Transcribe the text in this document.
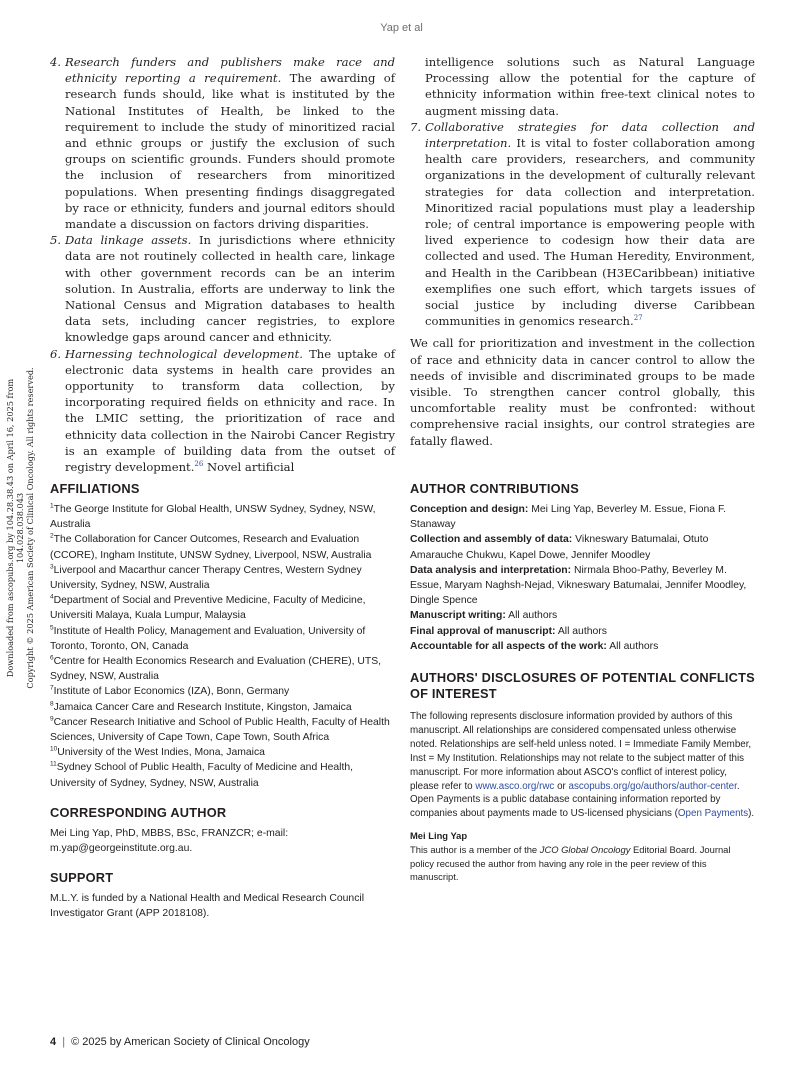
Yap et al
Downloaded from ascopubs.org by 104.28.38.43 on April 16, 2025 from 104.028.038.043 Copyright © 2025 American Society of Clinical Oncology. All rights reserved.
4. Research funders and publishers make race and ethnicity reporting a requirement. The awarding of research funds should, like what is instituted by the National Institutes of Health, be linked to the requirement to include the study of minoritized racial and ethnic groups or justify the exclusion of such groups on scientific grounds. Funders should promote the inclusion of researchers from minoritized populations. When presenting findings disaggregated by race or ethnicity, funders and journal editors should mandate a discussion on factors driving disparities.
5. Data linkage assets. In jurisdictions where ethnicity data are not routinely collected in health care, linkage with other government records can be an interim solution. In Australia, efforts are underway to link the National Census and Migration databases to health data sets, including cancer registries, to explore knowledge gaps around cancer and ethnicity.
6. Harnessing technological development. The uptake of electronic data systems in health care provides an opportunity to transform data collection, by incorporating required fields on ethnicity and race. In the LMIC setting, the prioritization of race and ethnicity data collection in the Nairobi Cancer Registry is an example of building data from the outset of registry development.$^{26}$ Novel artificial
AFFILIATIONS

$^1$The George Institute for Global Health, UNSW Sydney, Sydney, NSW, Australia

$^2$The Collaboration for Cancer Outcomes, Research and Evaluation (CCORE), Ingham Institute, UNSW Sydney, Liverpool, NSW, Australia

$^3$Liverpool and Macarthur cancer Therapy Centres, Western Sydney University, Sydney, NSW, Australia

$^4$Department of Social and Preventive Medicine, Faculty of Medicine, Universiti Malaya, Kuala Lumpur, Malaysia

$^5$Institute of Health Policy, Management and Evaluation, University of Toronto, Toronto, ON, Canada

$^6$Centre for Health Economics Research and Evaluation (CHERE), UTS, Sydney, NSW, Australia

$^7$Institute of Labor Economics (IZA), Bonn, Germany

$^8$Jamaica Cancer Care and Research Institute, Kingston, Jamaica

$^9$Cancer Research Initiative and School of Public Health, Faculty of Health Sciences, University of Cape Town, Cape Town, South Africa

$^{10}$University of the West Indies, Mona, Jamaica

$^{11}$Sydney School of Public Health, Faculty of Medicine and Health, University of Sydney, Sydney, NSW, Australia

CORRESPONDING AUTHOR

Mei Ling Yap, PhD, MBBS, BSc, FRANZCR; e-mail: m.yap@georgeinstitute.org.au.

SUPPORT

M.L.Y. is funded by a National Health and Medical Research Council Investigator Grant (APP 2018108).

intelligence solutions such as Natural Language Processing allow the potential for the capture of ethnicity information within free-text clinical notes to augment missing data.

7. Collaborative strategies for data collection and interpretation. It is vital to foster collaboration among health care providers, researchers, and community organizations in the development of culturally relevant strategies for data collection and interpretation. Minoritized racial populations must play a leadership role; of central importance is empowering people with lived experience to codesign how their data are collected and used. The Human Heredity, Environment, and Health in the Caribbean (H3ECaribbean) initiative exemplifies one such effort, which targets issues of social justice by including diverse Caribbean communities in genomics research.$^{27}$

We call for prioritization and investment in the collection of race and ethnicity data in cancer control to allow the needs of invisible and discriminated groups to be made visible. To strengthen cancer control globally, this uncomfortable reality must be confronted: without comprehensive racial insights, our control strategies are fatally flawed.

AUTHOR CONTRIBUTIONS

Conception and design: Mei Ling Yap, Beverley M. Essue, Fiona F. Stanaway

Collection and assembly of data: Vikneswary Batumalai, Otuto Amarauche Chukwu, Kapel Dowe, Jennifer Moodley

Data analysis and interpretation: Nirmala Bhoo-Pathy, Beverley M. Essue, Maryam Naghsh-Nejad, Vikneswary Batumalai, Jennifer Moodley, Dingle Spence

Manuscript writing: All authors

Final approval of manuscript: All authors

Accountable for all aspects of the work: All authors

AUTHORS' DISCLOSURES OF POTENTIAL CONFLICTS OF INTEREST

The following represents disclosure information provided by authors of this manuscript. All relationships are considered compensated unless otherwise noted. Relationships are self-held unless noted. I = Immediate Family Member, Inst = My Institution. Relationships may not relate to the subject matter of this manuscript. For more information about ASCO's conflict of interest policy, please refer to www.asco.org/rwc or ascopubs.org/go/authors/author-center.

Open Payments is a public database containing information reported by companies about payments made to US-licensed physicians (Open Payments).

Mei Ling Yap

This author is a member of the JCO Global Oncology Editorial Board. Journal policy recused the author from having any role in the peer review of this manuscript.

4 | © 2025 by American Society of Clinical Oncology
